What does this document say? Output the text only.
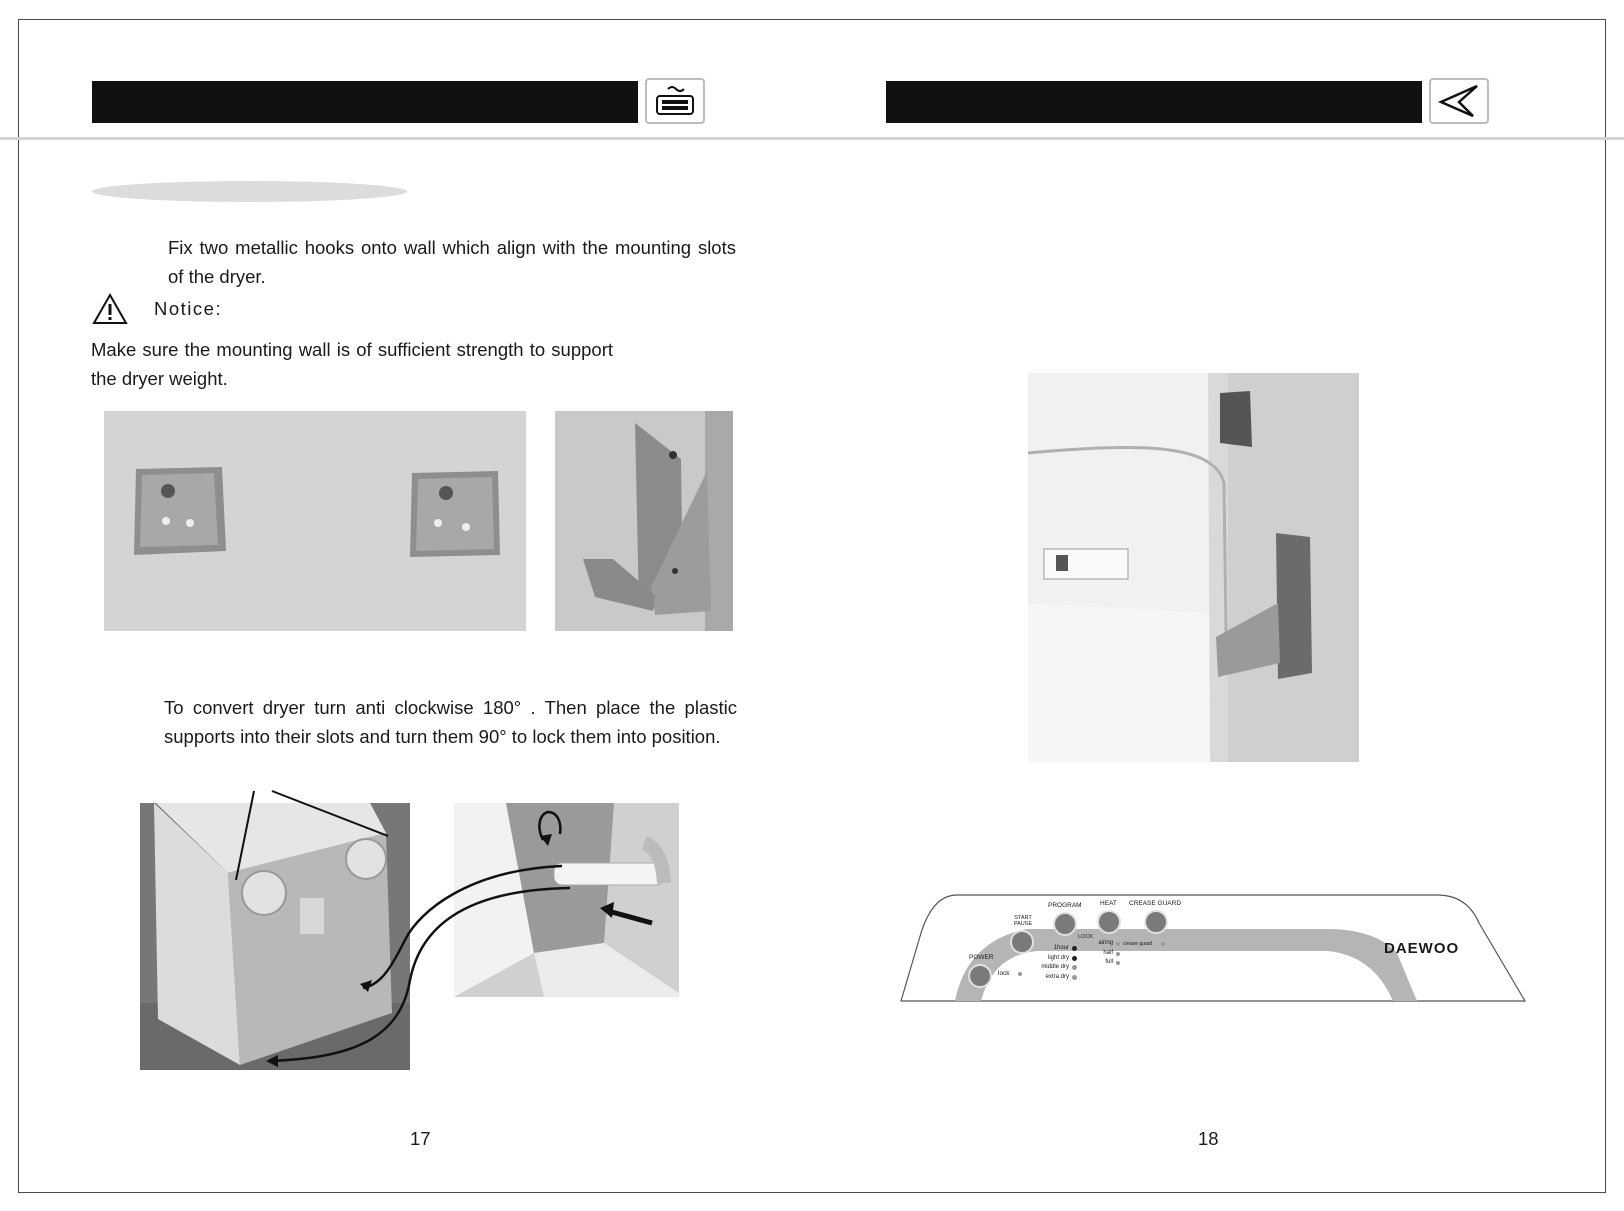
Fix two metallic hooks onto wall which align with the mounting slots of the dryer.
Notice:
Make sure the mounting wall is of sufficient strength to support the dryer weight.
To convert dryer turn anti clockwise 180° . Then place the plastic supports into their slots and turn them 90° to lock them into position.
17
POWER
lock
START PAUSE
PROGRAM
LOCK
1hour
light dry
middle dry
extra dry
HEAT
airing
half
full
CREASE GUARD
crease guard	DAEWOO
18
